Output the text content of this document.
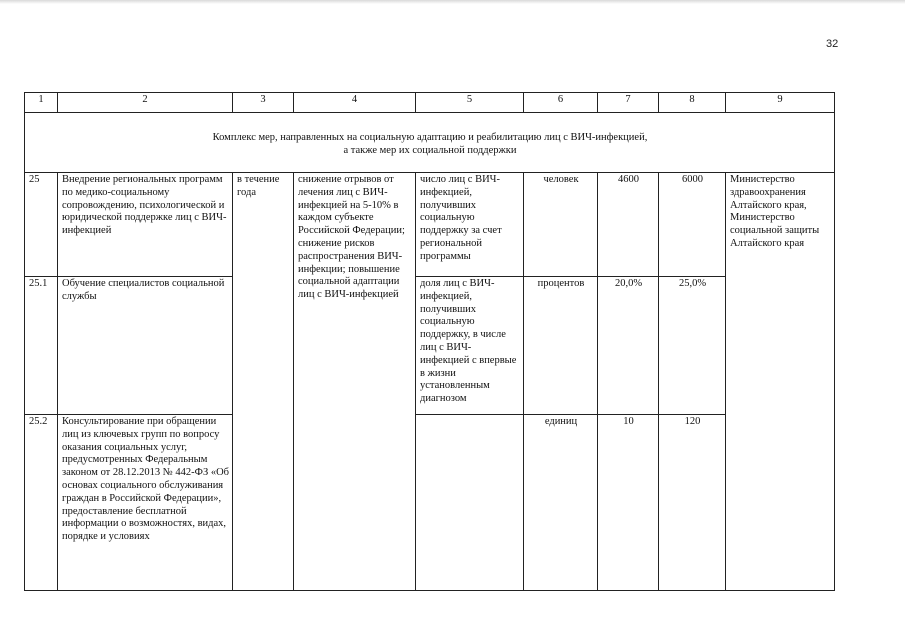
32
1	2	3	4	5	6	7	8	9

Комплекс мер, направленных на социальную адаптацию и реабилитацию лиц с ВИЧ-инфекцией,
а также мер их социальной поддержки								

25	Внедрение региональных программ по медико-социальному сопровождению, психологической и юридической поддержке лиц с ВИЧ-инфекцией	в течение года	снижение отрывов от лечения лиц с ВИЧ-инфекцией на 5-10% в каждом субъекте Российской Федерации; снижение рисков распространения ВИЧ-инфекции; повышение социальной адаптации лиц с ВИЧ-инфекцией	число лиц с ВИЧ-инфекцией, получивших социальную поддержку за счет региональной программы	человек	4600	6000	Министерство здравоохранения Алтайского края, Министерство социальной защиты Алтайского края
25.1	Обучение специалистов социальной службы			доля лиц с ВИЧ-инфекцией, получивших социальную поддержку, в числе лиц с ВИЧ-инфекцией с впервые в жизни установленным диагнозом	процентов	20,0%	25,0%	
25.2	Консультирование при обращении лиц из ключевых групп по вопросу оказания социальных услуг, предусмотренных Федеральным законом от 28.12.2013 № 442-ФЗ «Об основах социального обслуживания граждан в Российской Федерации», предоставление бесплатной информации о возможностях, видах, порядке и условиях				единиц	10	120	
